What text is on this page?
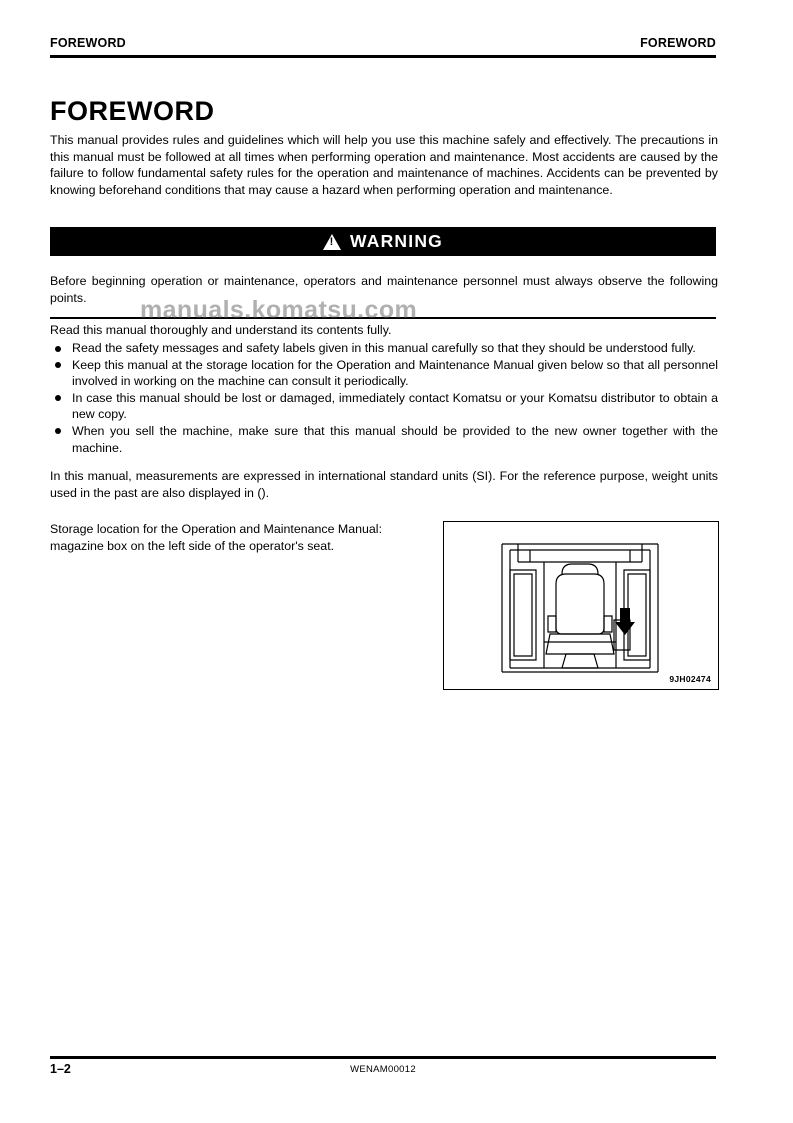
FOREWORD	FOREWORD
FOREWORD
This manual provides rules and guidelines which will help you use this machine safely and effectively. The precautions in this manual must be followed at all times when performing operation and maintenance. Most accidents are caused by the failure to follow fundamental safety rules for the operation and maintenance of machines. Accidents can be prevented by knowing beforehand conditions that may cause a hazard when performing operation and maintenance.
!
WARNING
Before beginning operation or maintenance, operators and maintenance personnel must always observe the following points.
Read this manual thoroughly and understand its contents fully.
Read the safety messages and safety labels given in this manual carefully so that they should be understood fully.
Keep this manual at the storage location for the Operation and Maintenance Manual given below so that all personnel involved in working on the machine can consult it periodically.
In case this manual should be lost or damaged, immediately contact Komatsu or your Komatsu distributor to obtain a new copy.
When you sell the machine, make sure that this manual should be provided to the new owner together with the machine.
In this manual, measurements are expressed in international standard units (SI). For the reference purpose, weight units used in the past are also displayed in ().
Storage location for the Operation and Maintenance Manual: magazine box on the left side of the operator's seat.
9JH02474
manuals.komatsu.com
1–2	WENAM00012
